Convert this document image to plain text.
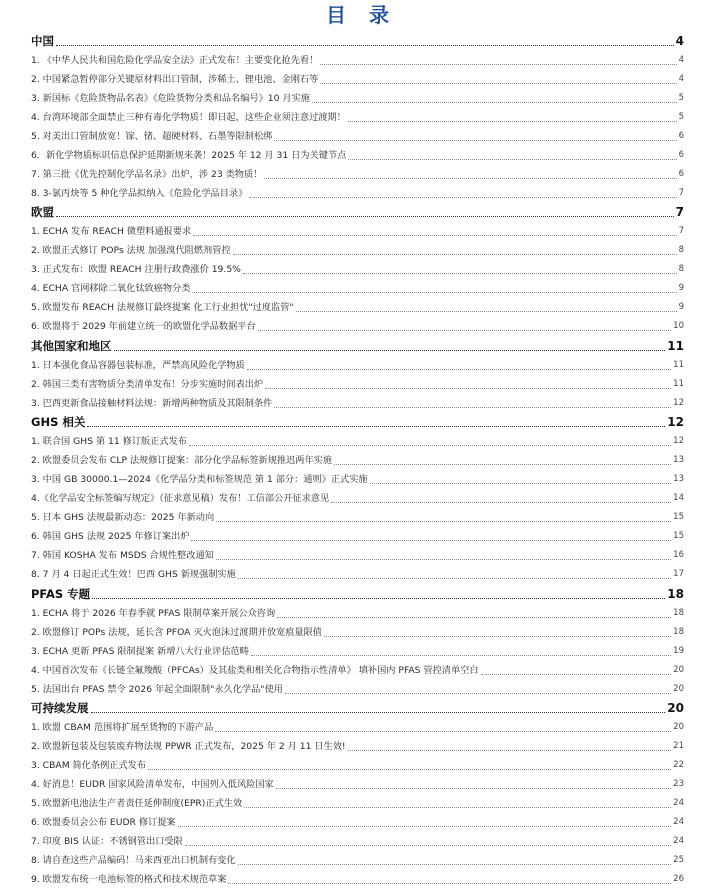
目 录
中国	4
1. 《中华人民共和国危险化学品安全法》正式发布！主要变化抢先看！	4
2. 中国紧急暂停部分关键原材料出口管制，涉稀土、锂电池、金刚石等	4
3. 新国标《危险货物品名表》《危险货物分类和品名编号》10 月实施	5
4. 台湾环境部全面禁止三种有毒化学物质！即日起，这些企业须注意过渡期！	5
5. 对美出口管制放宽！镓、锗、超硬材料、石墨等限制松绑	6
6．新化学物质标识信息保护延期新规来袭！2025 年 12 月 31 日为关键节点	6
7. 第三批《优先控制化学品名录》出炉，涉 23 类物质！	6
8. 3-氯丙炔等 5 种化学品拟纳入《危险化学品目录》	7
欧盟	7
1. ECHA 发布 REACH 微塑料通报要求	7
2. 欧盟正式修订 POPs 法规 加强溴代阻燃剂管控	8
3. 正式发布：欧盟 REACH 注册行政费涨价 19.5%	8
4. ECHA 官网移除二氧化钛致癌物分类	9
5. 欧盟发布 REACH 法规修订最终提案 化工行业担忧"过度监管"	9
6. 欧盟将于 2029 年前建立统一的欧盟化学品数据平台	10
其他国家和地区	11
1. 日本强化食品容器包装标准，严禁高风险化学物质	11
2. 韩国三类有害物质分类清单发布！分步实施时间表出炉	11
3. 巴西更新食品接触材料法规：新增两种物质及其限制条件	12
GHS 相关	12
1. 联合国 GHS 第 11 修订版正式发布	12
2. 欧盟委员会发布 CLP 法规修订提案：部分化学品标签新规推迟两年实施	13
3. 中国 GB 30000.1—2024《化学品分类和标签规范 第 1 部分：通则》正式实施	13
4.《化学品安全标签编写规定》（征求意见稿）发布！工信部公开征求意见	14
5. 日本 GHS 法规最新动态：2025 年新动向	15
6. 韩国 GHS 法规 2025 年修订案出炉	15
7. 韩国 KOSHA 发布 MSDS 合规性整改通知	16
8. 7 月 4 日起正式生效！巴西 GHS 新规强制实施	17
PFAS 专题	18
1. ECHA 将于 2026 年春季就 PFAS 限制草案开展公众咨询	18
2. 欧盟修订 POPs 法规，延长含 PFOA 灭火泡沫过渡期并放宽痕量限值	18
3. ECHA 更新 PFAS 限制提案 新增八大行业评估范畴	19
4. 中国首次发布《长链全氟羧酸（PFCAs）及其盐类和相关化合物指示性清单》 填补国内 PFAS 管控清单空白	20
5. 法国出台 PFAS 禁令 2026 年起全面限制"永久化学品"使用	20
可持续发展	20
1. 欧盟 CBAM 范围将扩展至货物的下游产品	20
2. 欧盟新包装及包装废弃物法规 PPWR 正式发布，2025 年 2 月 11 日生效!	21
3. CBAM 简化条例正式发布	22
4. 好消息！EUDR 国家风险清单发布，中国列入低风险国家	23
5. 欧盟新电池法生产者责任延伸制度(EPR)正式生效	24
6. 欧盟委员会公布 EUDR 修订提案	24
7. 印度 BIS 认证：不锈钢管出口受限	24
8. 请自查这些产品编码！马来西亚出口机制有变化	25
9. 欧盟发布统一电池标签的格式和技术规范草案	26
